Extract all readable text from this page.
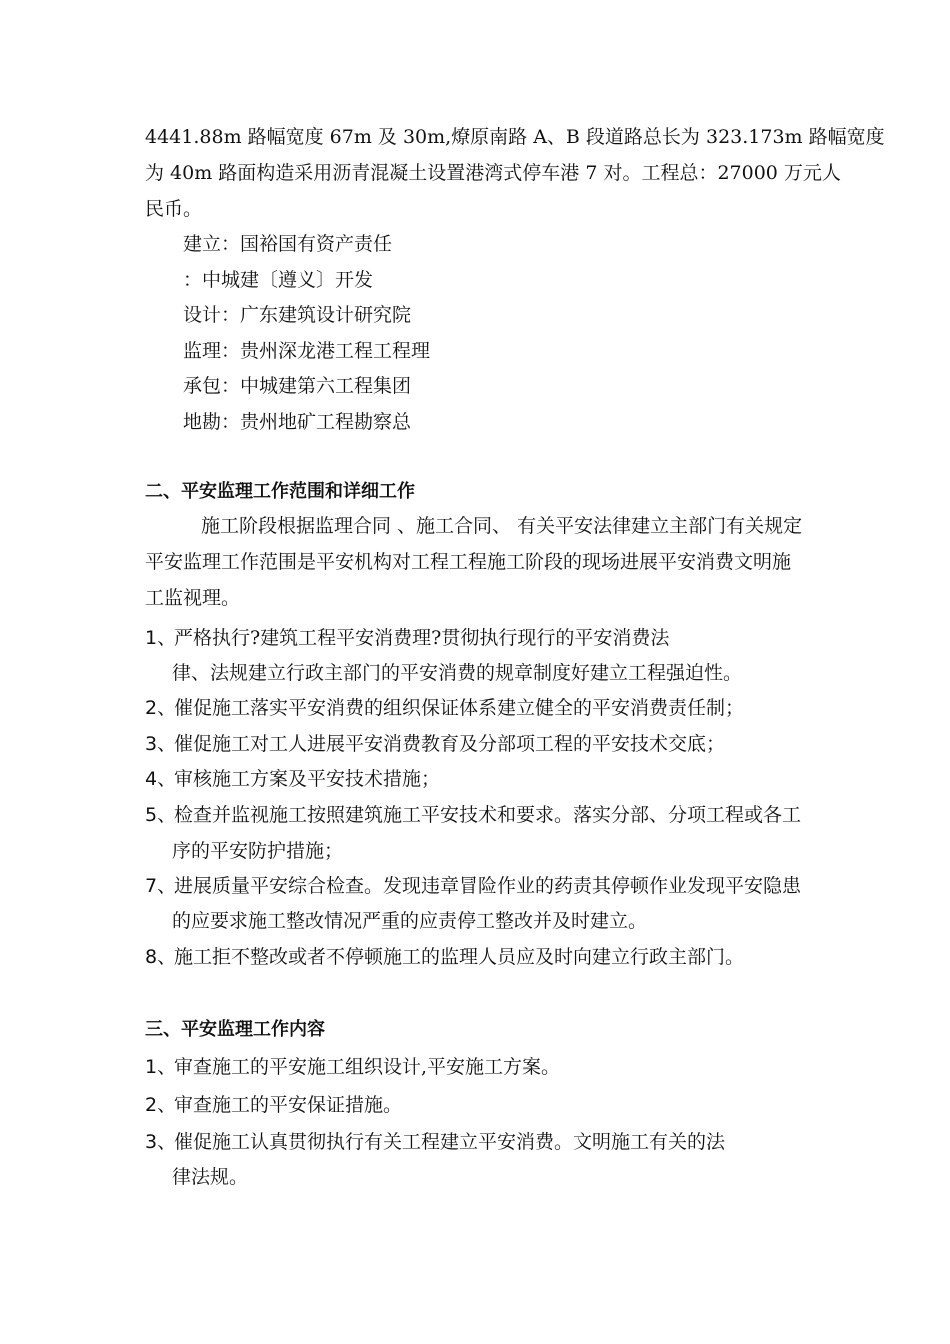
4441.88m 路幅宽度 67m 及 30m,燎原南路 A、B 段道路总长为 323.173m 路幅宽度
为 40m 路面构造采用沥青混凝土设置港湾式停车港 7 对。工程总：27000 万元人
民币。
建立：国裕国有资产责任
：中城建〔遵义〕开发
设计：广东建筑设计研究院
监理：贵州深龙港工程工程理
承包：中城建第六工程集团
地勘：贵州地矿工程勘察总
二、平安监理工作范围和详细工作
施工阶段根据监理合同 、施工合同、 有关平安法律建立主部门有关规定
平安监理工作范围是平安机构对工程工程施工阶段的现场进展平安消费文明施
工监视理。
1、
严格执行?建筑工程平安消费理?贯彻执行现行的平安消费法
律、法规建立行政主部门的平安消费的规章制度好建立工程强迫性。
2、
催促施工落实平安消费的组织保证体系建立健全的平安消费责任制；
3、
催促施工对工人进展平安消费教育及分部项工程的平安技术交底；
4、
审核施工方案及平安技术措施；
5、
检查并监视施工按照建筑施工平安技术和要求。落实分部、分项工程或各工
序的平安防护措施；
7、
进展质量平安综合检查。发现违章冒险作业的药责其停顿作业发现平安隐患
的应要求施工整改情况严重的应责停工整改并及时建立。
8、
施工拒不整改或者不停顿施工的监理人员应及时向建立行政主部门。
三、平安监理工作内容
1、
审查施工的平安施工组织设计,平安施工方案。
2、
审查施工的平安保证措施。
3、
催促施工认真贯彻执行有关工程建立平安消费。文明施工有关的法
律法规。
